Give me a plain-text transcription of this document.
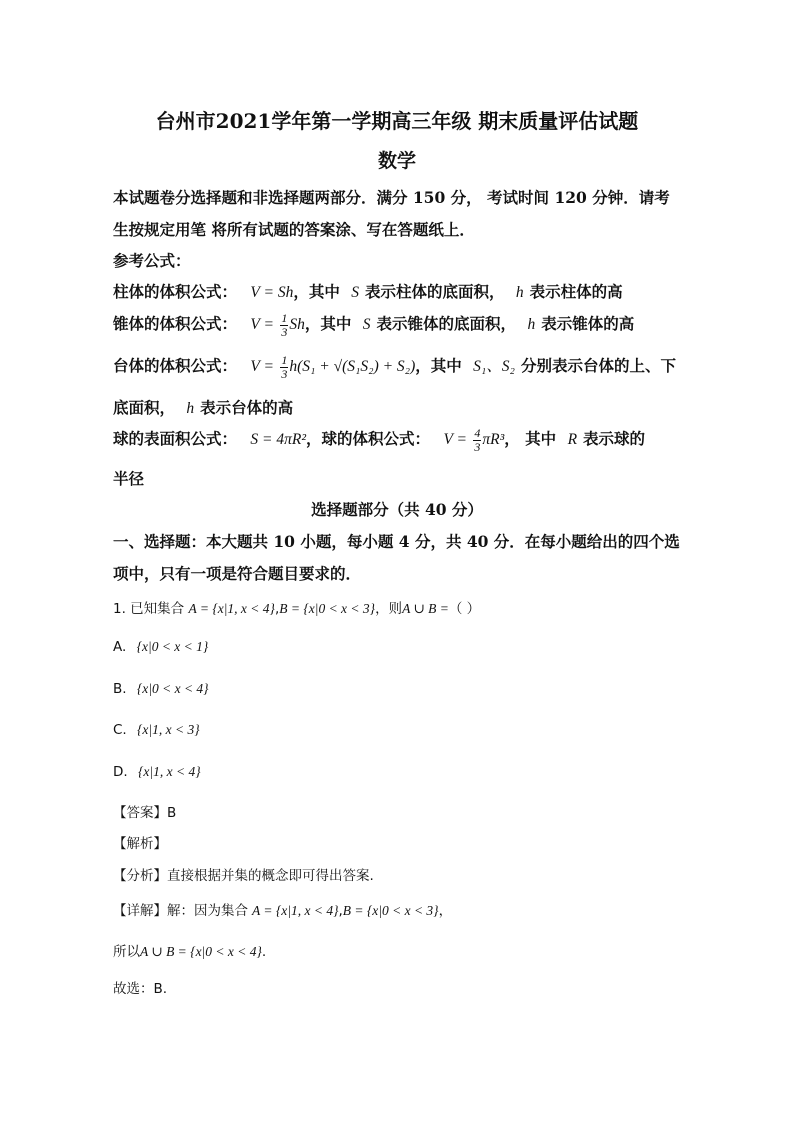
台州市2021学年第一学期高三年级 期末质量评估试题
数学
本试题卷分选择题和非选择题两部分．满分 150 分， 考试时间 120 分钟．请考
生按规定用笔 将所有试题的答案涂、写在答题纸上．
参考公式：
柱体的体积公式： V = Sh，其中 S 表示柱体的底面积， h 表示柱体的高
锥体的体积公式： $V = \frac{1}{3}$ Sh，其中 S 表示锥体的底面积， h 表示锥体的高
台体的体积公式： $V = \frac{1}{3} h(S_1 + √(S_1S_2) + S_2)$，其中 S₁、S₂ 分别表示台体的上、下
底面积， h 表示台体的高
球的表面积公式： S = 4πR²，球的体积公式： $V = \frac{4}{3} \pi R^3$， 其中 R 表示球的
半径
选择题部分（共 40 分）
一、选择题：本大题共 10 小题，每小题 4 分，共 40 分．在每小题给出的四个选
项中，只有一项是符合题目要求的．
1. 已知集合 A = {x|1, x < 4},B = {x|0 < x < 3}，则A ∪ B =（ ）
A. {x|0 < x < 1}
B. {x|0 < x < 4}
C. {x|1, x < 3}
D. {x|1, x < 4}
【答案】B
【解析】
【分析】直接根据并集的概念即可得出答案.
【详解】解：因为集合 A = {x|1, x < 4},B = {x|0 < x < 3}，
所以A ∪ B = {x|0 < x < 4}.
故选：B.
